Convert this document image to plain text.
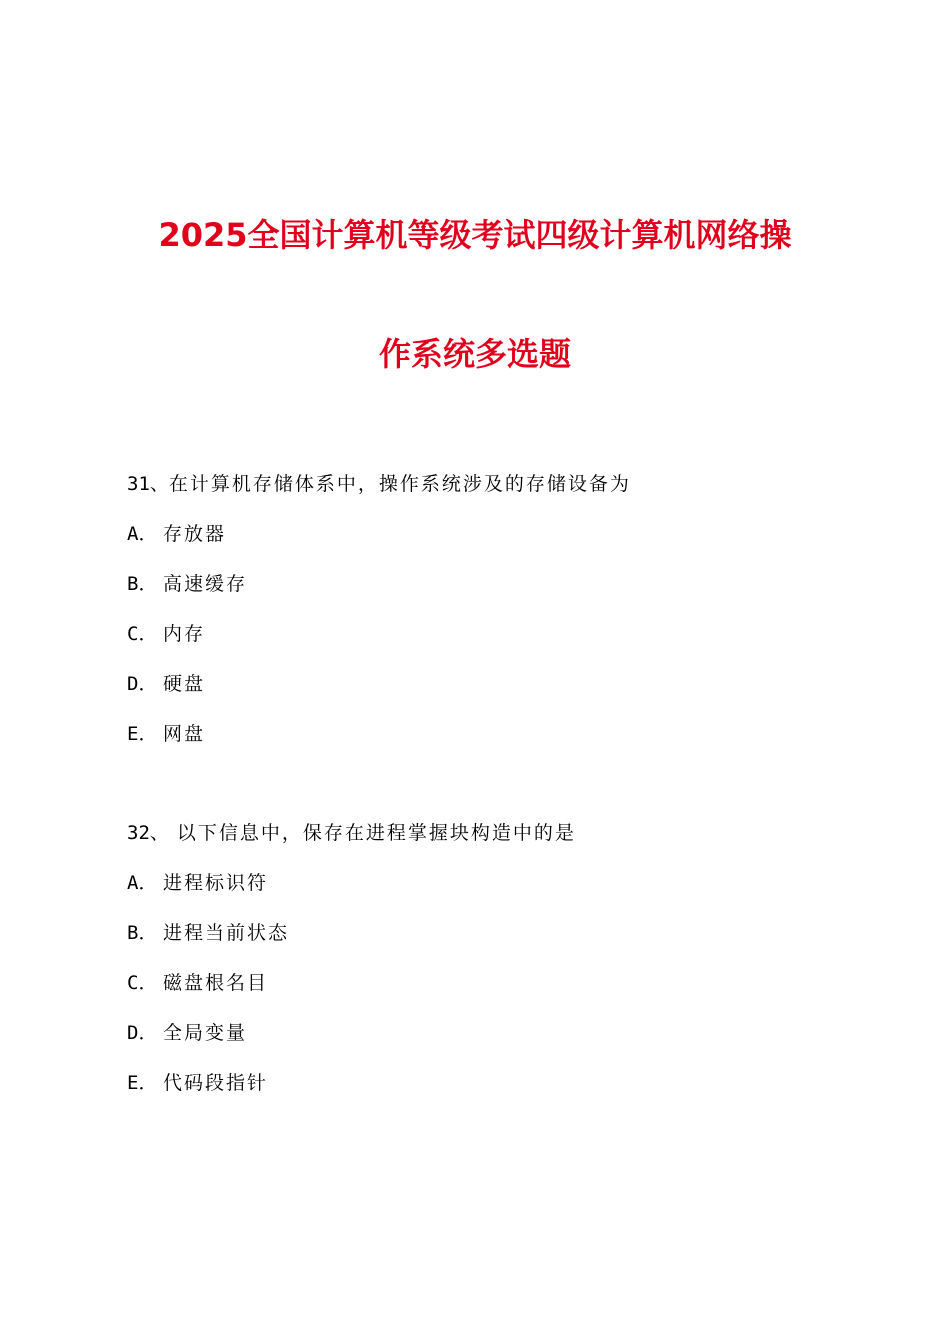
2025全国计算机等级考试四级计算机网络操
作系统多选题
31、在计算机存储体系中，操作系统涉及的存储设备为
A． 存放器
B． 高速缓存
C． 内存
D． 硬盘
E． 网盘
32、 以下信息中，保存在进程掌握块构造中的是
A． 进程标识符
B． 进程当前状态
C． 磁盘根名目
D． 全局变量
E． 代码段指针
